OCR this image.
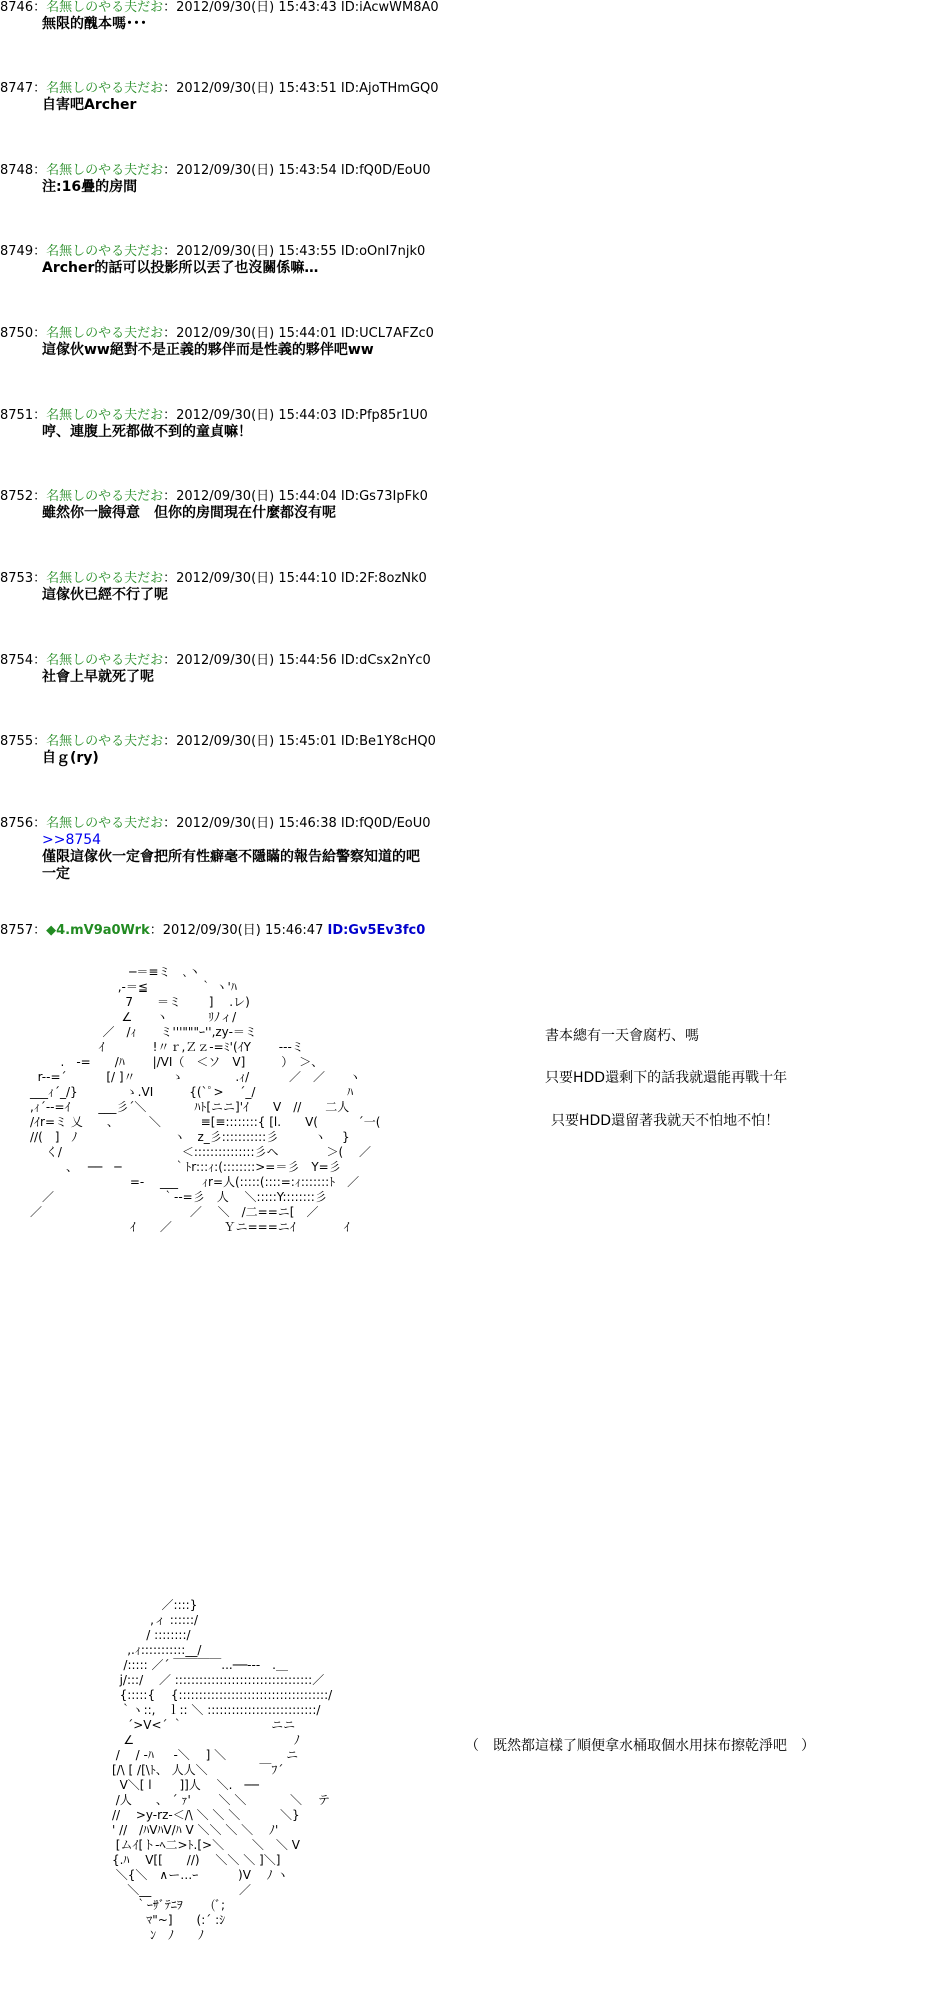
8746：名無しのやる夫だお：2012/09/30(日) 15:43:43 ID:iAcwWM8A0
無限的醜本嗎･･･
8747：名無しのやる夫だお：2012/09/30(日) 15:43:51 ID:AjoTHmGQ0
自害吧Archer
8748：名無しのやる夫だお：2012/09/30(日) 15:43:54 ID:fQ0D/EoU0
注:16疊的房間
8749：名無しのやる夫だお：2012/09/30(日) 15:43:55 ID:oOnI7njk0
Archer的話可以投影所以丟了也沒關係嘛…
8750：名無しのやる夫だお：2012/09/30(日) 15:44:01 ID:UCL7AFZc0
這傢伙ww絕對不是正義的夥伴而是性義的夥伴吧ww
8751：名無しのやる夫だお：2012/09/30(日) 15:44:03 ID:Pfp85r1U0
哼、連腹上死都做不到的童貞嘛！
8752：名無しのやる夫だお：2012/09/30(日) 15:44:04 ID:Gs73IpFk0
雖然你一臉得意　但你的房間現在什麼都沒有呢
8753：名無しのやる夫だお：2012/09/30(日) 15:44:10 ID:2F:8ozNk0
這傢伙已經不行了呢
8754：名無しのやる夫だお：2012/09/30(日) 15:44:56 ID:dCsx2nYc0
社會上早就死了呢
8755：名無しのやる夫だお：2012/09/30(日) 15:45:01 ID:Be1Y8cHQ0
自ｇ(ry)
8756：名無しのやる夫だお：2012/09/30(日) 15:46:38 ID:fQ0D/EoU0
>>8754
僅限這傢伙一定會把所有性癖毫不隱瞞的報告給警察知道的吧
一定
8757：◆4.mV9a0Wrk：2012/09/30(日) 15:46:47 ID:Gv5Ev3fc0
─＝≡ミ　､丶
,-＝≦　　　 　｀ ヽ'ﾊ
7　　＝ミ　　 ]　 .レ)
∠　　ヽ　　　 ﾘﾉィ/
／　/ｨ　　ミ'''"""ｰ'',zy-＝ミ
ｲ　　　　!〃ｒ,Ｚｚ-=ﾐ'(ｲY　　 ---ミ
.　-=　　/ﾊ　　 |/VI（　＜ソ　V]　　　）　＞、
r--=´　　　 [/ ]〃　　　ゝ　　　　 .ｨ/　　　 ／　／　　ヽ
___ｨ´_/}　　　　ゝ.VI　　　{(`ﾟ>　 ´_/　　　　　　 　 ﾊ
,ｨ´--=ｲ　　 ___彡´＼　　　　ﾊﾄ[ニニ]'ｲ　　V　//　　二人
/ｲr=ミ 乂　　、　　　＼　　　 ≡[≡::::::::{ [l.　　V(　　　 ´一(
//(　]　ﾉ　　　　　　　　ヽ　z_彡:::::::::::彡　　　ヽ　 }
　 く/　　　　　　　　　　＜:::::::::::::::彡ヘ　　　　＞(　 ／
　　　、　 ──　─　　　　 ｀ﾄr:::ｨ:(::::::::>=＝彡　Y=彡
　　　　　　　　 =-　 ___　　ｨr=人(:::::(::::=:ｨ:::::::ﾄ　／
　／　　　　　　　　　｀--=彡　人　 ＼:::::Y::::::::彡
／　　　　　　　　　　　　 ／　 ＼　/二==ニ[　／
　　　　　　　　 ｲ　　／　　　 　Ｙニ===ニｲ　　　　ｲ
書本總有一天會腐朽、嗎
只要HDD還剩下的話我就還能再戰十年
只要HDD還留著我就天不怕地不怕！
／::::}
,ィ ::::::/
/ ::::::::/
,.ｨ:::::::::::__/
/::::: ／´ ￣￣￣￣...──---　.＿
j/:::/　 ／ ::::::::::::::::::::::::::::::::::／
{:::::{　 {:::::::::::::::::::::::::::::::::::::/
｀ヽ::,　ｌ:: ＼ :::::::::::::::::::::::::::/
´>V<´ ｀　　　　　　　 ニニ
∠　　　　　　　　　　　　　 ﾉ
/　 / -ﾊ 　 -＼ 　] ＼　　　　　ニ
[/\ [ /[\ﾄ、 人人＼　　　　 ￣ﾌ´
V＼[ l　　 ]]人 　＼.　──
/人　　、 ´ ｧ'　　 ＼ ＼　 　 　＼　 テ
// 　>y-rz-＜/\ ＼ ＼ ＼　　　 ＼}
' //　/ﾊVﾊV/ﾊ V ＼＼ ＼ ＼ 　ﾉ'
[ムｲ[ト-ﾍ二>ﾄ.[>＼　　 ＼　＼ V
{.ﾊ　 V[[　　//)　 ＼＼ ＼ ]＼]
＼{＼　∧ー…ｰ　　　 )V　 ﾉ ヽ
＼__　　　　　　　 ／
｀ｰｻﾞﾃﾆｦ　　 (ﾞ;
ﾏ"~]　　(:´ :ｼ
ﾝ　ﾉ　　ﾉ
（　既然都這樣了順便拿水桶取個水用抹布擦乾淨吧　）
